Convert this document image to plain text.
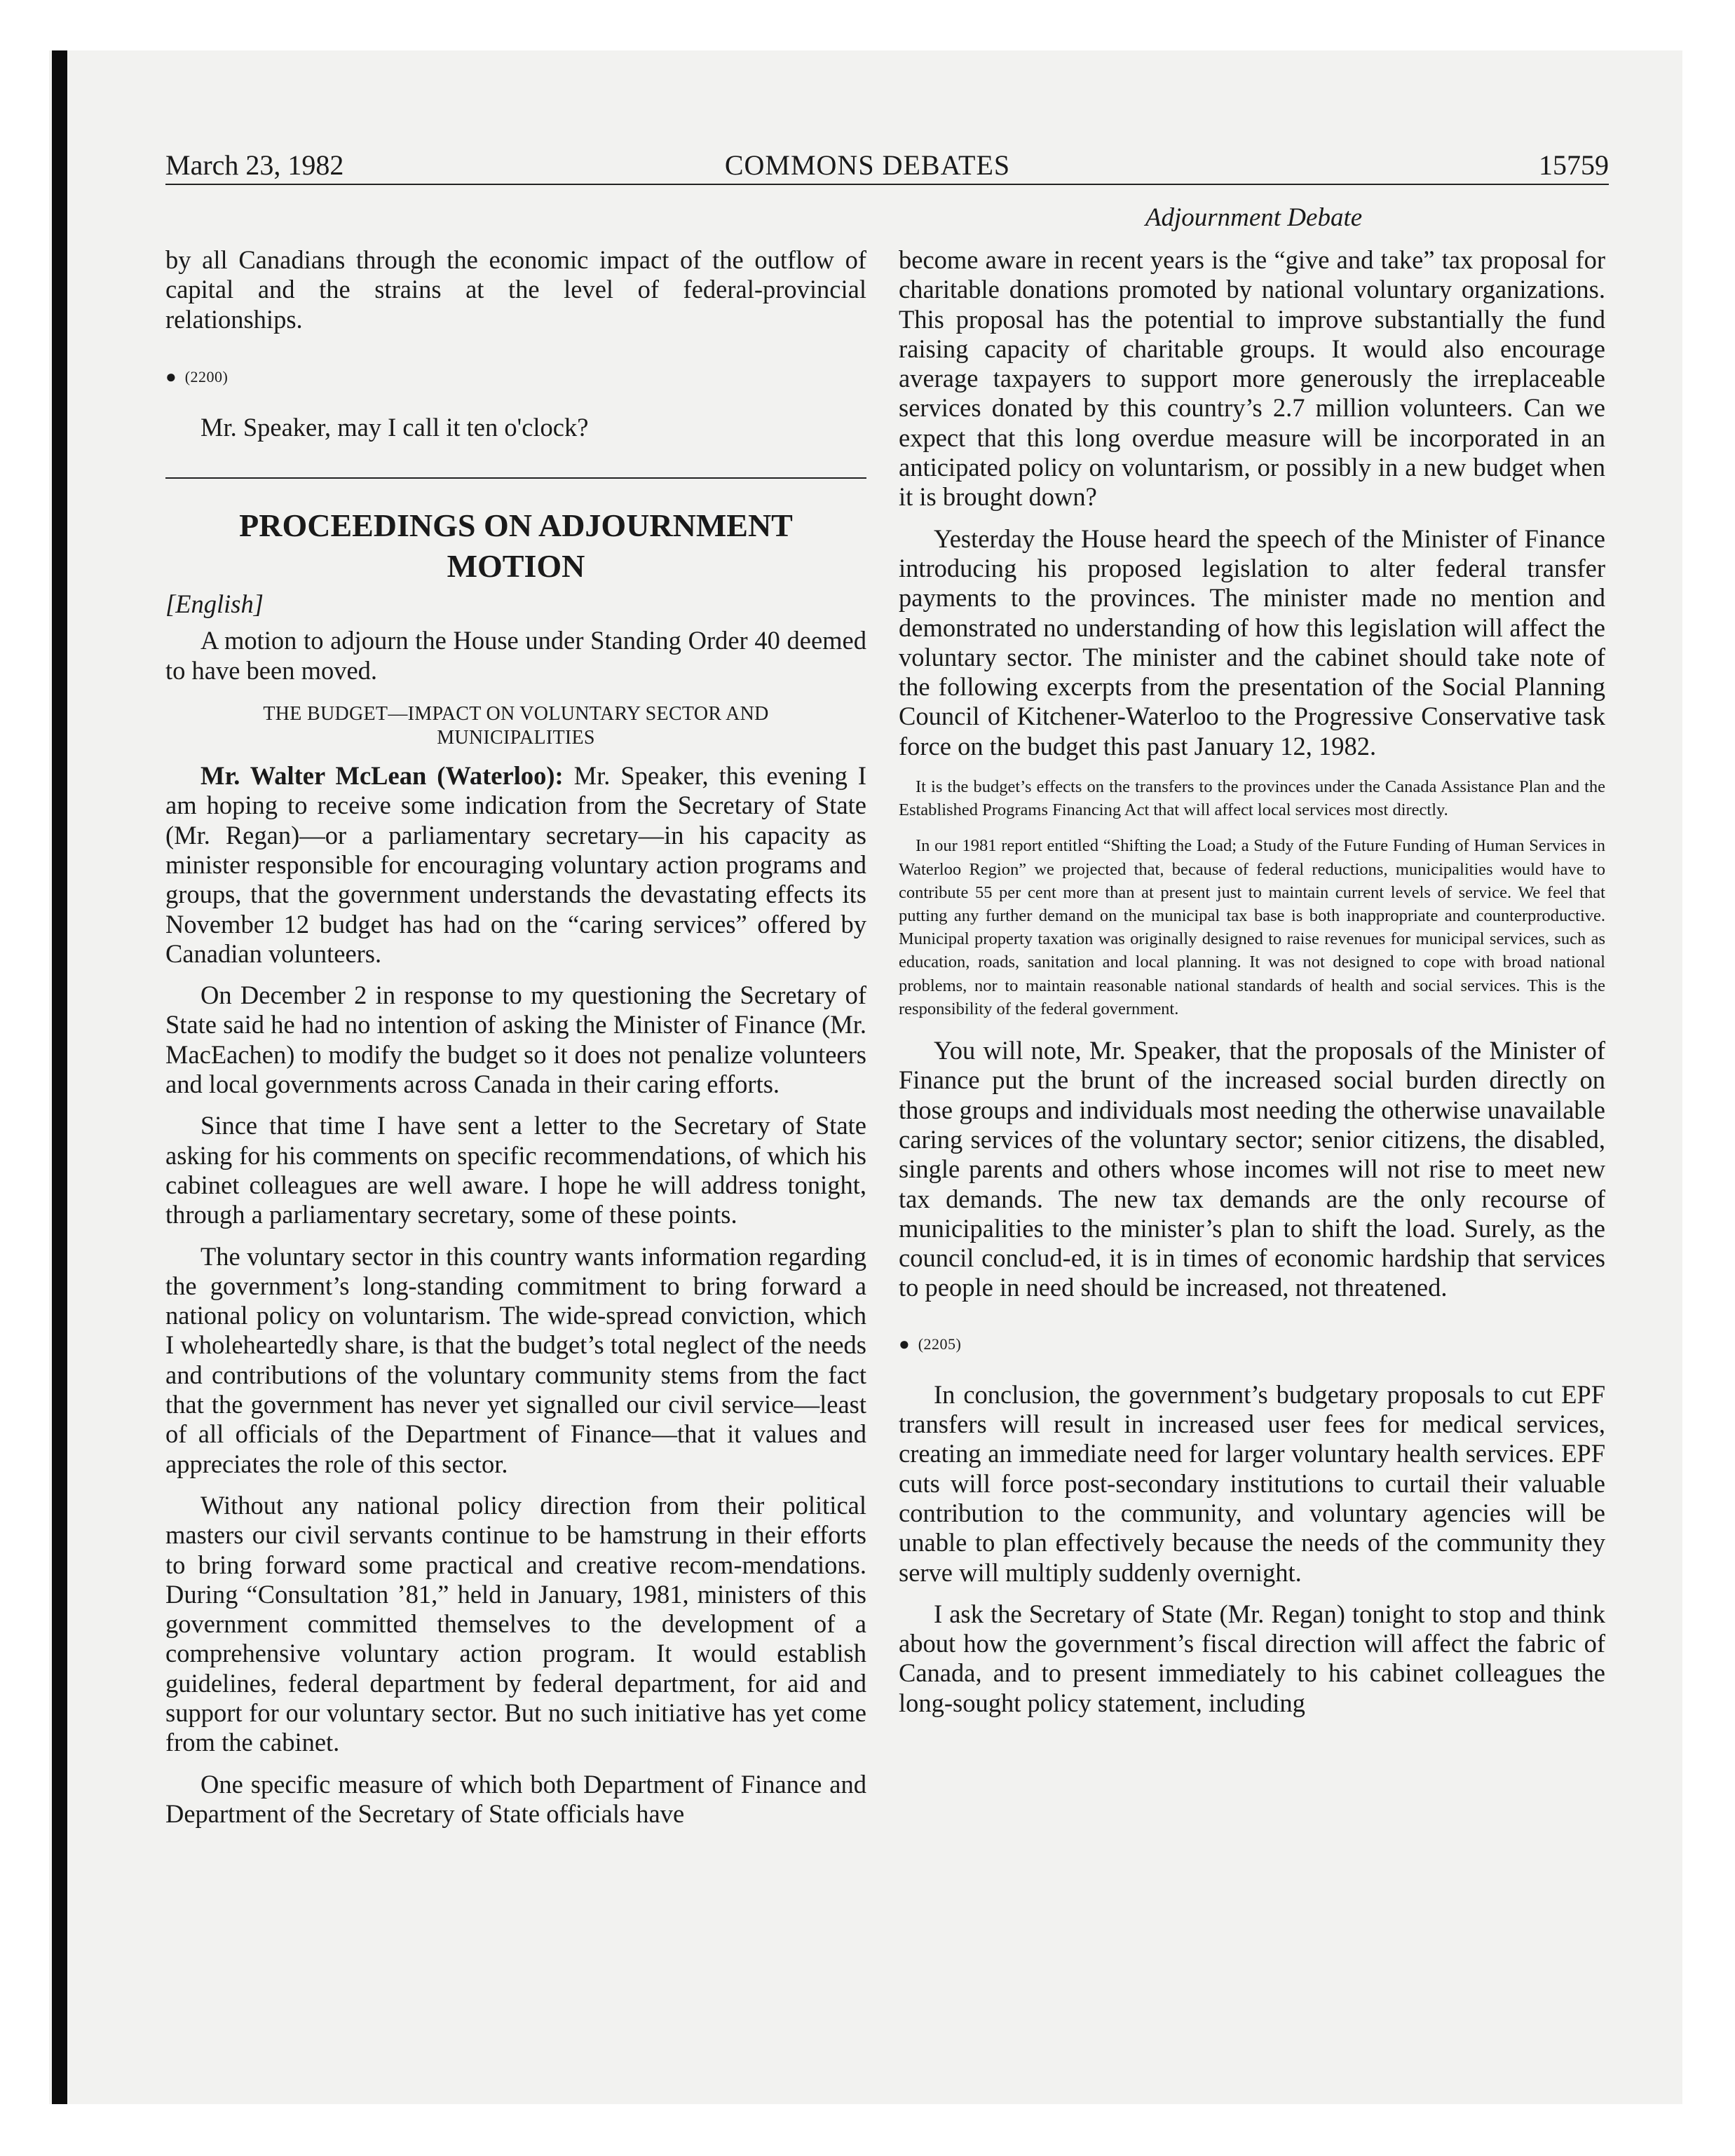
March 23, 1982	COMMONS DEBATES	15759
Adjournment Debate

by all Canadians through the economic impact of the outflow of capital and the strains at the level of federal-provincial relationships.

● (2200)

Mr. Speaker, may I call it ten o'clock?

PROCEEDINGS ON ADJOURNMENT
MOTION

[English]

A motion to adjourn the House under Standing Order 40 deemed to have been moved.

THE BUDGET—IMPACT ON VOLUNTARY SECTOR AND
MUNICIPALITIES

Mr. Walter McLean (Waterloo): Mr. Speaker, this evening I am hoping to receive some indication from the Secretary of State (Mr. Regan)—or a parliamentary secretary—in his capacity as minister responsible for encouraging voluntary action programs and groups, that the government understands the devastating effects its November 12 budget has had on the “caring services” offered by Canadian volunteers.

On December 2 in response to my questioning the Secretary of State said he had no intention of asking the Minister of Finance (Mr. MacEachen) to modify the budget so it does not penalize volunteers and local governments across Canada in their caring efforts.

Since that time I have sent a letter to the Secretary of State asking for his comments on specific recommendations, of which his cabinet colleagues are well aware. I hope he will address tonight, through a parliamentary secretary, some of these points.

The voluntary sector in this country wants information regarding the government’s long-standing commitment to bring forward a national policy on voluntarism. The wide-spread conviction, which I wholeheartedly share, is that the budget’s total neglect of the needs and contributions of the voluntary community stems from the fact that the government has never yet signalled our civil service—least of all officials of the Department of Finance—that it values and appreciates the role of this sector.

Without any national policy direction from their political masters our civil servants continue to be hamstrung in their efforts to bring forward some practical and creative recom-mendations. During “Consultation ’81,” held in January, 1981, ministers of this government committed themselves to the development of a comprehensive voluntary action program. It would establish guidelines, federal department by federal department, for aid and support for our voluntary sector. But no such initiative has yet come from the cabinet.

One specific measure of which both Department of Finance and Department of the Secretary of State officials have

become aware in recent years is the “give and take” tax proposal for charitable donations promoted by national voluntary organizations. This proposal has the potential to improve substantially the fund raising capacity of charitable groups. It would also encourage average taxpayers to support more generously the irreplaceable services donated by this country’s 2.7 million volunteers. Can we expect that this long overdue measure will be incorporated in an anticipated policy on voluntarism, or possibly in a new budget when it is brought down?

Yesterday the House heard the speech of the Minister of Finance introducing his proposed legislation to alter federal transfer payments to the provinces. The minister made no mention and demonstrated no understanding of how this legislation will affect the voluntary sector. The minister and the cabinet should take note of the following excerpts from the presentation of the Social Planning Council of Kitchener-Waterloo to the Progressive Conservative task force on the budget this past January 12, 1982.

It is the budget’s effects on the transfers to the provinces under the Canada Assistance Plan and the Established Programs Financing Act that will affect local services most directly.

In our 1981 report entitled “Shifting the Load; a Study of the Future Funding of Human Services in Waterloo Region” we projected that, because of federal reductions, municipalities would have to contribute 55 per cent more than at present just to maintain current levels of service. We feel that putting any further demand on the municipal tax base is both inappropriate and counterproductive. Municipal property taxation was originally designed to raise revenues for municipal services, such as education, roads, sanitation and local planning. It was not designed to cope with broad national problems, nor to maintain reasonable national standards of health and social services. This is the responsibility of the federal government.

You will note, Mr. Speaker, that the proposals of the Minister of Finance put the brunt of the increased social burden directly on those groups and individuals most needing the otherwise unavailable caring services of the voluntary sector; senior citizens, the disabled, single parents and others whose incomes will not rise to meet new tax demands. The new tax demands are the only recourse of municipalities to the minister’s plan to shift the load. Surely, as the council conclud-ed, it is in times of economic hardship that services to people in need should be increased, not threatened.

● (2205)

In conclusion, the government’s budgetary proposals to cut EPF transfers will result in increased user fees for medical services, creating an immediate need for larger voluntary health services. EPF cuts will force post-secondary institutions to curtail their valuable contribution to the community, and voluntary agencies will be unable to plan effectively because the needs of the community they serve will multiply suddenly overnight.

I ask the Secretary of State (Mr. Regan) tonight to stop and think about how the government’s fiscal direction will affect the fabric of Canada, and to present immediately to his cabinet colleagues the long-sought policy statement, including
